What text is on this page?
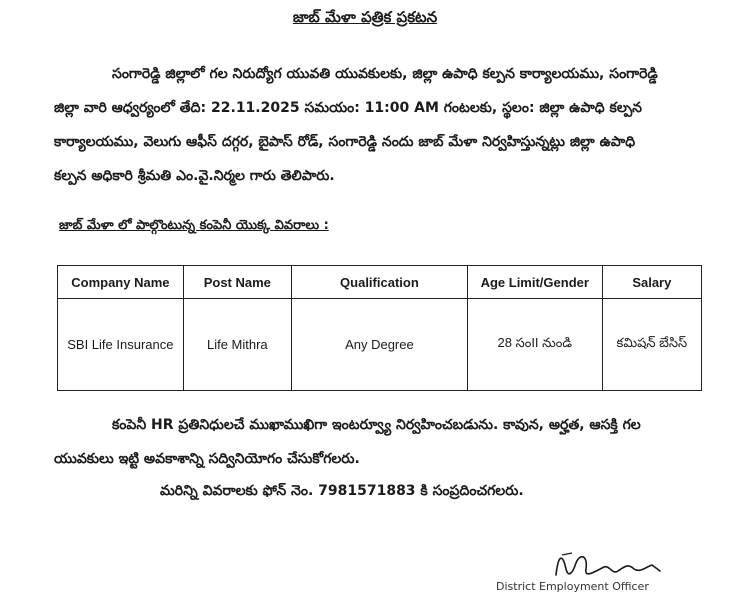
జాబ్ మేళా పత్రిక ప్రకటన

సంగారెడ్డి జిల్లాలో గల నిరుద్యోగ యువతి యువకులకు, జిల్లా ఉపాధి కల్పన కార్యాలయము, సంగారెడ్డి
జిల్లా వారి ఆధ్వర్యంలో తేది: 22.11.2025 సమయం: 11:00 AM గంటలకు, స్థలం: జిల్లా ఉపాధి కల్పన
కార్యాలయము, వెలుగు ఆఫీస్ దగ్గర, బైపాస్ రోడ్, సంగారెడ్డి నందు జాబ్ మేళా నిర్వహిస్తున్నట్లు జిల్లా ఉపాధి
కల్పన అధికారి శ్రీమతి ఎం.వై.నిర్మల గారు తెలిపారు.

జాబ్ మేళా లో పాల్గొంటున్న కంపెనీ యొక్క వివరాలు :
Company Name	Post Name	Qualification	Age Limit/Gender	Salary
SBI Life Insurance	Life Mithra	Any Degree	28 సంII నుండి	కమిషన్ బేసిస్

కంపెనీ HR ప్రతినిధులచే ముఖాముఖిగా ఇంటర్వ్యూ నిర్వహించబడును. కావున, అర్హత, ఆసక్తి గల
యువకులు ఇట్టి అవకాశాన్ని సద్వినియోగం చేసుకోగలరు.

మరిన్ని వివరాలకు ఫోన్ నెం. 7981571883 కి సంప్రదించగలరు.
District Employment Officer
